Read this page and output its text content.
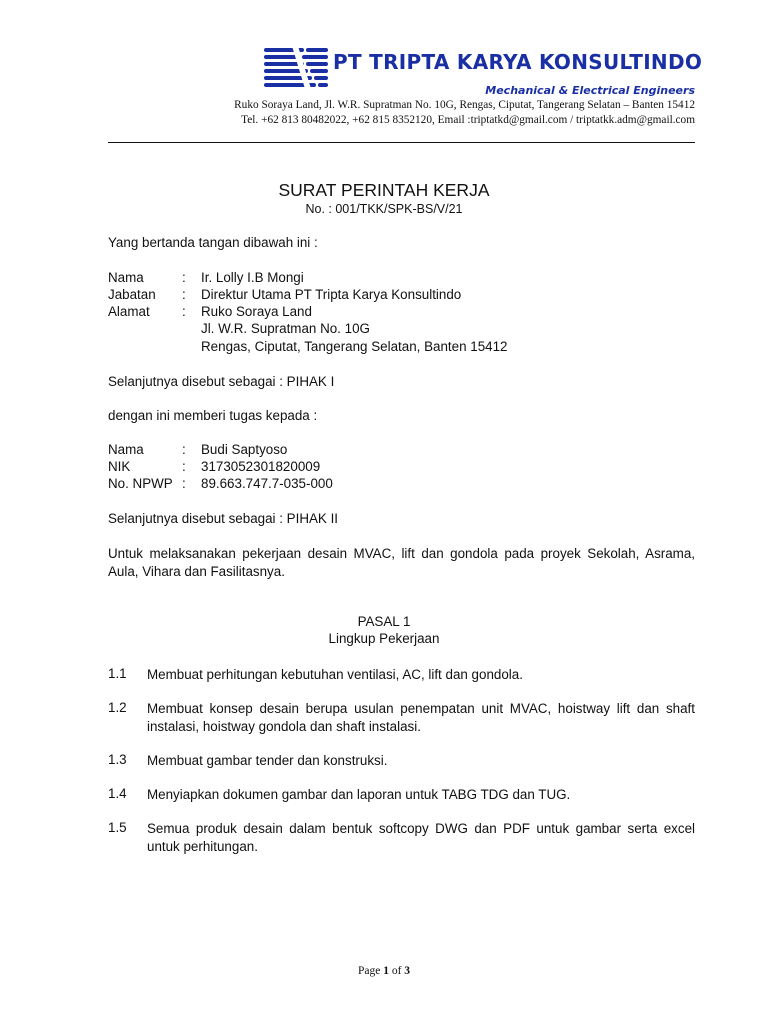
PT TRIPTA KARYA KONSULTINDO
Mechanical & Electrical Engineers
Ruko Soraya Land, Jl. W.R. Supratman No. 10G, Rengas, Ciputat, Tangerang Selatan – Banten 15412
Tel. +62 813 80482022, +62 815 8352120, Email :triptatkd@gmail.com / triptatkk.adm@gmail.com
SURAT PERINTAH KERJA
No. : 001/TKK/SPK-BS/V/21
Yang bertanda tangan dibawah ini :
Nama	: Ir. Lolly I.B Mongi
Jabatan : Direktur Utama PT Tripta Karya Konsultindo
Alamat : Ruko Soraya Land
Jl. W.R. Supratman No. 10G
Rengas, Ciputat, Tangerang Selatan, Banten 15412
Selanjutnya disebut sebagai : PIHAK I
dengan ini memberi tugas kepada :
Nama	: Budi Saptyoso
NIK	: 3173052301820009
No. NPWP : 89.663.747.7-035-000
Selanjutnya disebut sebagai : PIHAK II
Untuk melaksanakan pekerjaan desain MVAC, lift dan gondola pada proyek Sekolah, Asrama, Aula, Vihara dan Fasilitasnya.
PASAL 1
Lingkup Pekerjaan
1.1 Membuat perhitungan kebutuhan ventilasi, AC, lift dan gondola.
1.2 Membuat konsep desain berupa usulan penempatan unit MVAC, hoistway lift dan shaft instalasi, hoistway gondola dan shaft instalasi.
1.3 Membuat gambar tender dan konstruksi.
1.4 Menyiapkan dokumen gambar dan laporan untuk TABG TDG dan TUG.
1.5 Semua produk desain dalam bentuk softcopy DWG dan PDF untuk gambar serta excel untuk perhitungan.
Page 1 of 3
